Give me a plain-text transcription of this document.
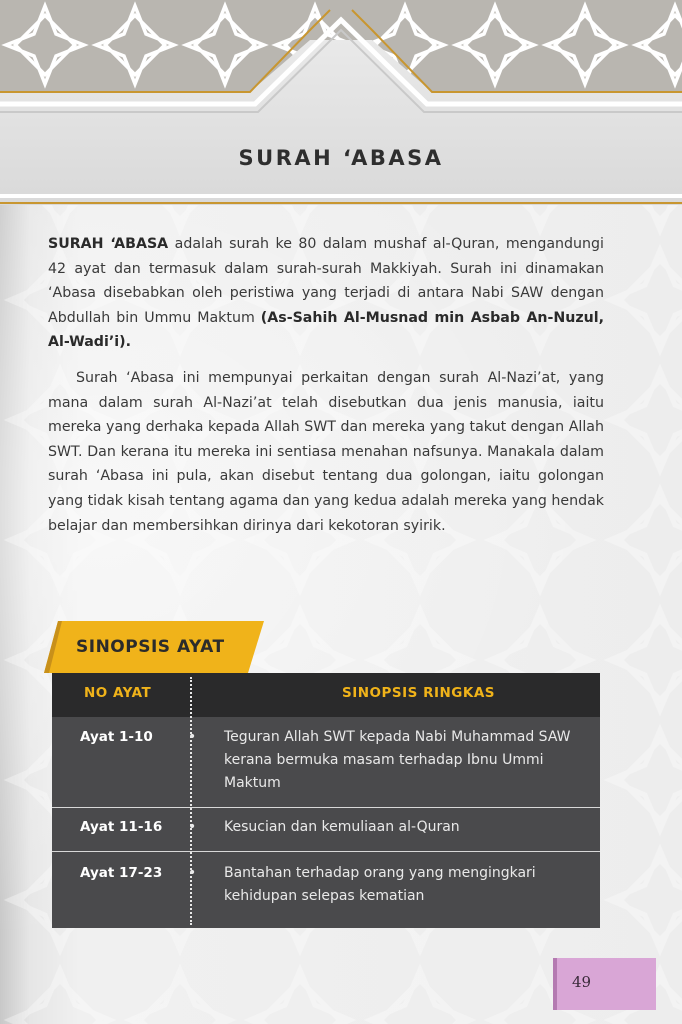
SURAH ‘ABASA

SURAH ‘ABASA adalah surah ke 80 dalam mushaf al-Quran, mengandungi 42 ayat dan termasuk dalam surah-surah Makkiyah. Surah ini dinamakan ‘Abasa disebabkan oleh peristiwa yang terjadi di antara Nabi SAW dengan Abdullah bin Ummu Maktum (As-Sahih Al-Musnad min Asbab An-Nuzul, Al-Wadi’i).

Surah ‘Abasa ini mempunyai perkaitan dengan surah Al-Nazi’at, yang mana dalam surah Al-Nazi’at telah disebutkan dua jenis manusia, iaitu mereka yang derhaka kepada Allah SWT dan mereka yang takut dengan Allah SWT. Dan kerana itu mereka ini sentiasa menahan nafsunya. Manakala dalam surah ‘Abasa ini pula, akan disebut tentang dua golongan, iaitu golongan yang tidak kisah tentang agama dan yang kedua adalah mereka yang hendak belajar dan membersihkan dirinya dari kekotoran syirik.

SINOPSIS AYAT
NO AYAT	SINOPSIS RINGKAS
Ayat 1-10	• Teguran Allah SWT kepada Nabi Muhammad SAW kerana bermuka masam terhadap Ibnu Ummi Maktum
Ayat 11-16 • Kesucian dan kemuliaan al-Quran
Ayat 17-23 • Bantahan terhadap orang yang mengingkari kehidupan selepas kematian
49
